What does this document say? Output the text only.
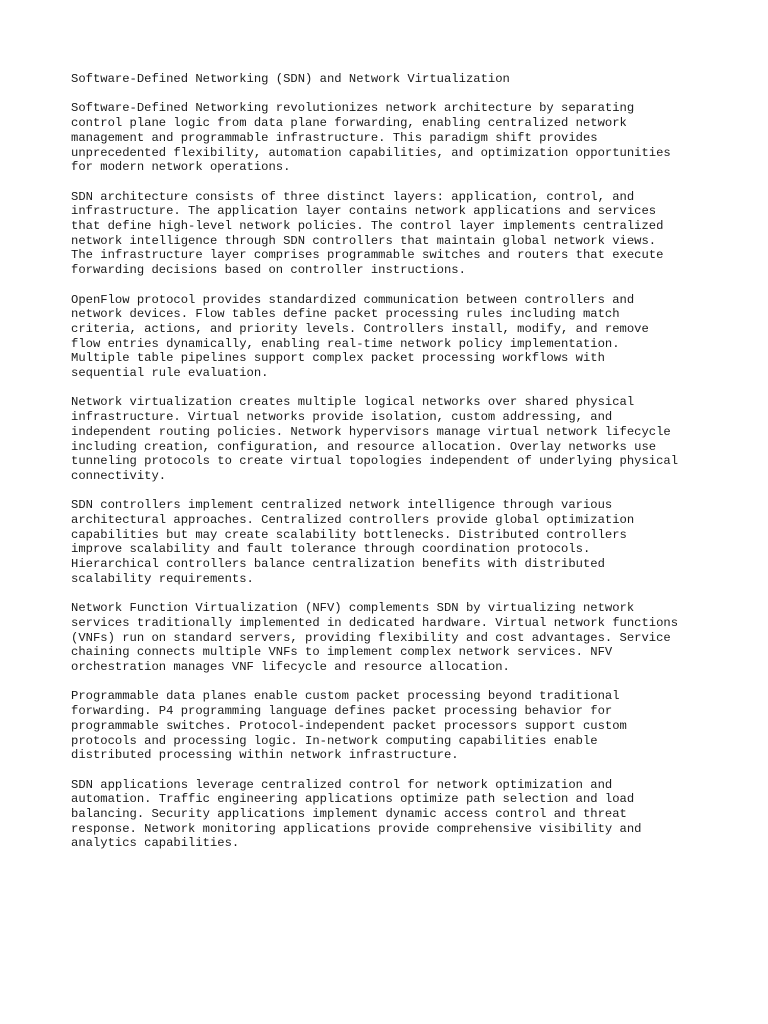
Software-Defined Networking (SDN) and Network Virtualization
Software-Defined Networking revolutionizes network architecture by separating
control plane logic from data plane forwarding, enabling centralized network
management and programmable infrastructure. This paradigm shift provides
unprecedented flexibility, automation capabilities, and optimization opportunities
for modern network operations.
SDN architecture consists of three distinct layers: application, control, and
infrastructure. The application layer contains network applications and services
that define high-level network policies. The control layer implements centralized
network intelligence through SDN controllers that maintain global network views.
The infrastructure layer comprises programmable switches and routers that execute
forwarding decisions based on controller instructions.
OpenFlow protocol provides standardized communication between controllers and
network devices. Flow tables define packet processing rules including match
criteria, actions, and priority levels. Controllers install, modify, and remove
flow entries dynamically, enabling real-time network policy implementation.
Multiple table pipelines support complex packet processing workflows with
sequential rule evaluation.
Network virtualization creates multiple logical networks over shared physical
infrastructure. Virtual networks provide isolation, custom addressing, and
independent routing policies. Network hypervisors manage virtual network lifecycle
including creation, configuration, and resource allocation. Overlay networks use
tunneling protocols to create virtual topologies independent of underlying physical
connectivity.
SDN controllers implement centralized network intelligence through various
architectural approaches. Centralized controllers provide global optimization
capabilities but may create scalability bottlenecks. Distributed controllers
improve scalability and fault tolerance through coordination protocols.
Hierarchical controllers balance centralization benefits with distributed
scalability requirements.
Network Function Virtualization (NFV) complements SDN by virtualizing network
services traditionally implemented in dedicated hardware. Virtual network functions
(VNFs) run on standard servers, providing flexibility and cost advantages. Service
chaining connects multiple VNFs to implement complex network services. NFV
orchestration manages VNF lifecycle and resource allocation.
Programmable data planes enable custom packet processing beyond traditional
forwarding. P4 programming language defines packet processing behavior for
programmable switches. Protocol-independent packet processors support custom
protocols and processing logic. In-network computing capabilities enable
distributed processing within network infrastructure.
SDN applications leverage centralized control for network optimization and
automation. Traffic engineering applications optimize path selection and load
balancing. Security applications implement dynamic access control and threat
response. Network monitoring applications provide comprehensive visibility and
analytics capabilities.
